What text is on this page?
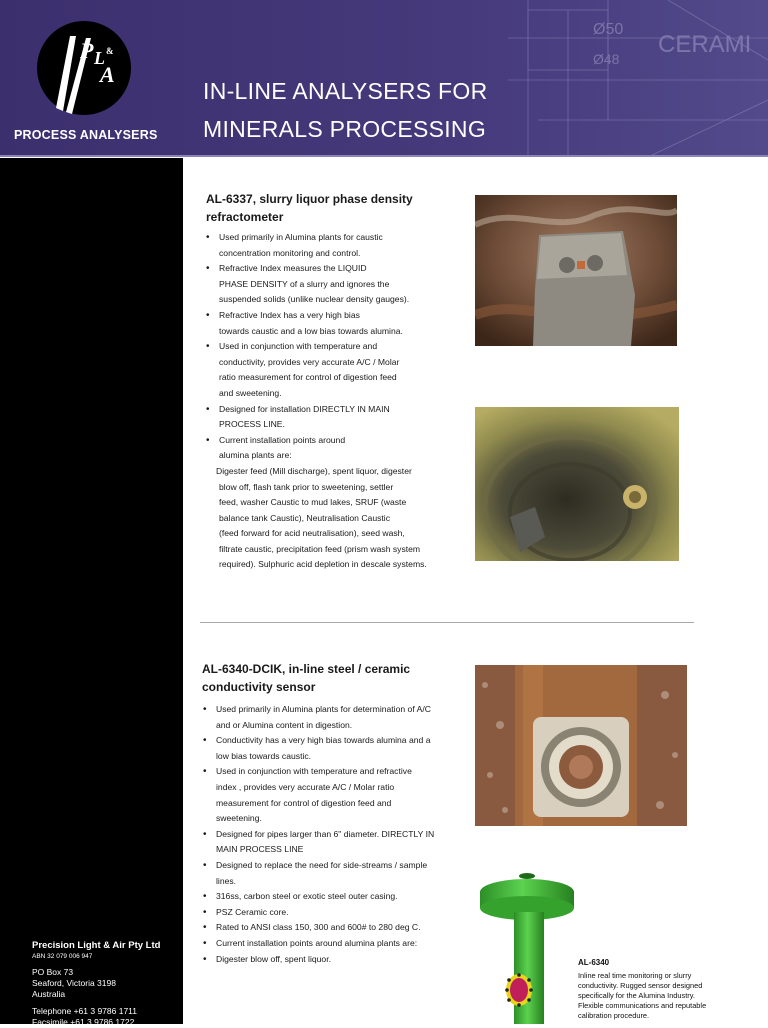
Ø50
Ø48
CERAMI
P L &
A
PROCESS ANALYSERS
IN-LINE ANALYSERS FOR
MINERALS PROCESSING
Precision Light & Air Pty Ltd
ABN 32 079 006 947
PO Box 73
Seaford, Victoria 3198
Australia
Telephone +61 3 9786 1711
Facsimile +61 3 9786 1722
AL-6337, slurry liquor phase density
refractometer
• Used primarily in Alumina plants for caustic
concentration monitoring and control.
• Refractive Index measures the LIQUID
PHASE DENSITY of a slurry and ignores the
suspended solids (unlike nuclear density gauges).
• Refractive Index has a very high bias
towards caustic and a low bias towards alumina.
• Used in conjunction with temperature and
conductivity, provides very accurate A/C / Molar
ratio measurement for control of digestion feed
and sweetening.
• Designed for installation DIRECTLY IN MAIN
PROCESS LINE.
• Current installation points around
alumina plants are:
Digester feed (Mill discharge), spent liquor, digester
blow off, flash tank prior to sweetening, settler
feed, washer Caustic to mud lakes, SRUF (waste
balance tank Caustic), Neutralisation Caustic
(feed forward for acid neutralisation), seed wash,
filtrate caustic, precipitation feed (prism wash system
required). Sulphuric acid depletion in descale systems.
AL-6340-DCIK, in-line steel / ceramic
conductivity sensor
• Used primarily in Alumina plants for determination of A/C
and or Alumina content in digestion.
• Conductivity has a very high bias towards alumina and a
low bias towards caustic.
• Used in conjunction with temperature and refractive
index , provides very accurate A/C / Molar ratio
measurement for control of digestion feed and
sweetening.
• Designed for pipes larger than 6" diameter. DIRECTLY IN
MAIN PROCESS LINE
• Designed to replace the need for side-streams / sample
lines.
• 316ss, carbon steel or exotic steel outer casing.
• PSZ Ceramic core.
• Rated to ANSI class 150, 300 and 600# to 280 deg C.
• Current installation points around alumina plants are:
• Digester blow off, spent liquor.	AL-6340
Inline real time monitoring or slurry
conductivity. Rugged sensor designed
specifically for the Alumina Industry.
Flexible communications and reputable
calibration procedure.
